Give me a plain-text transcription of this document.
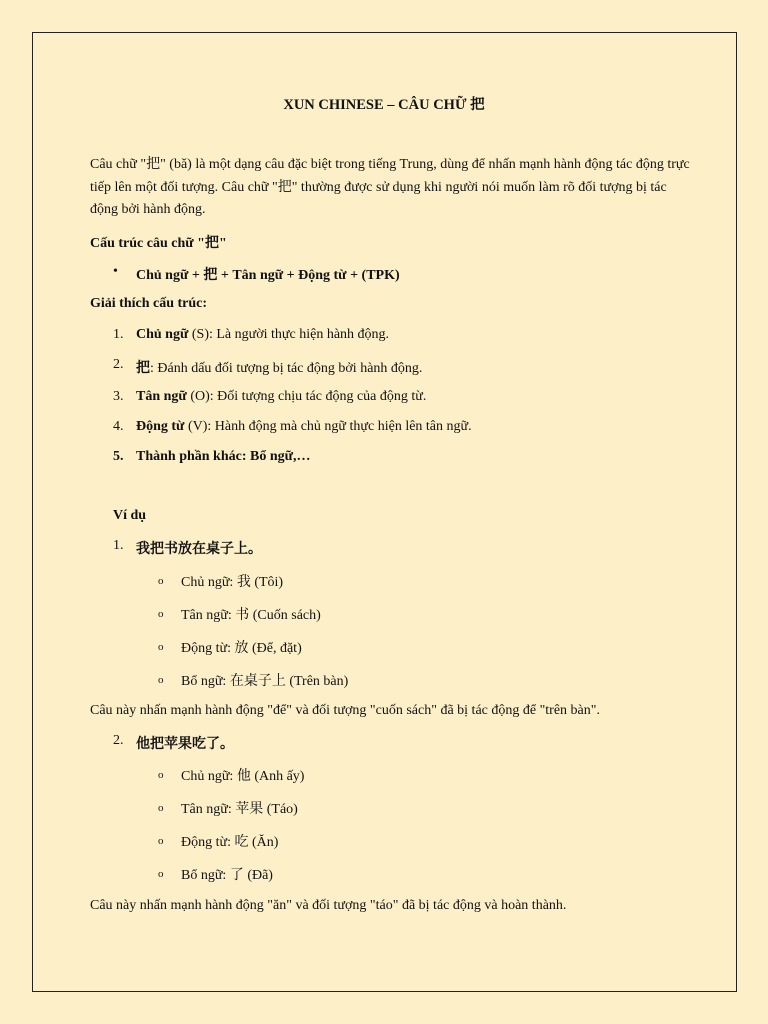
XUN CHINESE – CÂU CHỮ 把
Câu chữ "把" (bǎ) là một dạng câu đặc biệt trong tiếng Trung, dùng để nhấn mạnh hành động tác động trực tiếp lên một đối tượng. Câu chữ "把" thường được sử dụng khi người nói muốn làm rõ đối tượng bị tác động bởi hành động.
Cấu trúc câu chữ "把"
• Chủ ngữ + 把 + Tân ngữ + Động từ + (TPK)
Giải thích cấu trúc:
1. Chủ ngữ (S): Là người thực hiện hành động.
2. 把: Đánh dấu đối tượng bị tác động bởi hành động.
3. Tân ngữ (O): Đối tượng chịu tác động của động từ.
4. Động từ (V): Hành động mà chủ ngữ thực hiện lên tân ngữ.
5. Thành phần khác: Bổ ngữ,…
Ví dụ
1. 我把书放在桌子上。
o Chủ ngữ: 我 (Tôi)
o Tân ngữ: 书 (Cuốn sách)
o Động từ: 放 (Để, đặt)
o Bổ ngữ: 在桌子上 (Trên bàn)
Câu này nhấn mạnh hành động "để" và đối tượng "cuốn sách" đã bị tác động để "trên bàn".
2. 他把苹果吃了。
o Chủ ngữ: 他 (Anh ấy)
o Tân ngữ: 苹果 (Táo)
o Động từ: 吃 (Ăn)
o Bổ ngữ: 了 (Đã)
Câu này nhấn mạnh hành động "ăn" và đối tượng "táo" đã bị tác động và hoàn thành.
